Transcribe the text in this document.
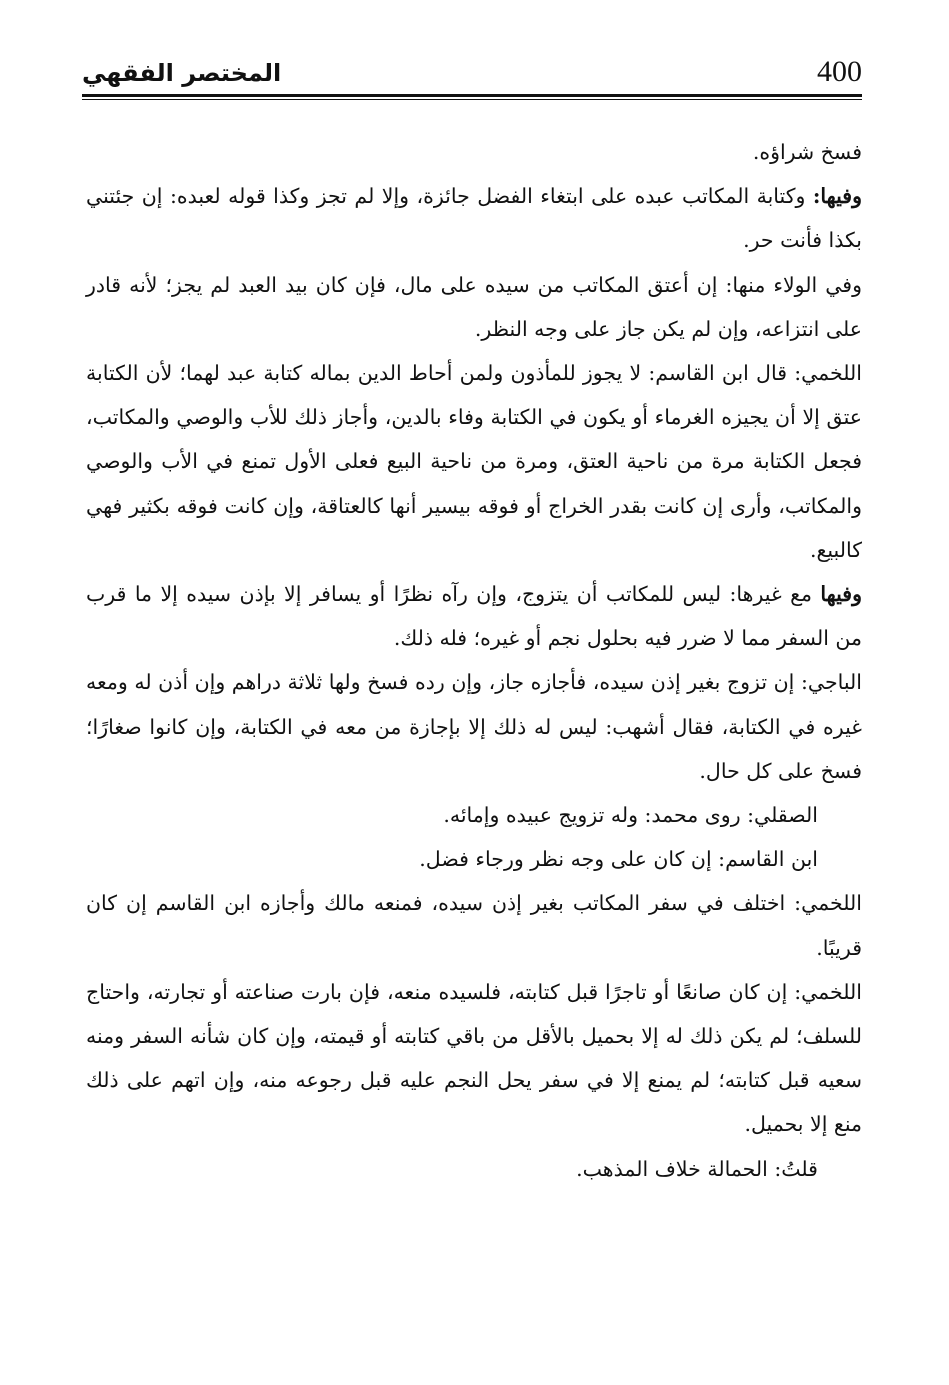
400
المختصر الفقهي

فسخ شراؤه.

وفيها: وكتابة المكاتب عبده على ابتغاء الفضل جائزة، وإلا لم تجز وكذا قوله لعبده: إن جئتني بكذا فأنت حر.

وفي الولاء منها: إن أعتق المكاتب من سيده على مال، فإن كان بيد العبد لم يجز؛ لأنه قادر على انتزاعه، وإن لم يكن جاز على وجه النظر.

اللخمي: قال ابن القاسم: لا يجوز للمأذون ولمن أحاط الدين بماله كتابة عبد لهما؛ لأن الكتابة عتق إلا أن يجيزه الغرماء أو يكون في الكتابة وفاء بالدين، وأجاز ذلك للأب والوصي والمكاتب، فجعل الكتابة مرة من ناحية العتق، ومرة من ناحية البيع فعلى الأول تمنع في الأب والوصي والمكاتب، وأرى إن كانت بقدر الخراج أو فوقه بيسير أنها كالعتاقة، وإن كانت فوقه بكثير فهي كالبيع.

وفيها مع غيرها: ليس للمكاتب أن يتزوج، وإن رآه نظرًا أو يسافر إلا بإذن سيده إلا ما قرب من السفر مما لا ضرر فيه بحلول نجم أو غيره؛ فله ذلك.

الباجي: إن تزوج بغير إذن سيده، فأجازه جاز، وإن رده فسخ ولها ثلاثة دراهم وإن أذن له ومعه غيره في الكتابة، فقال أشهب: ليس له ذلك إلا بإجازة من معه في الكتابة، وإن كانوا صغارًا؛ فسخ على كل حال.

الصقلي: روى محمد: وله تزويج عبيده وإمائه.

ابن القاسم: إن كان على وجه نظر ورجاء فضل.

اللخمي: اختلف في سفر المكاتب بغير إذن سيده، فمنعه مالك وأجازه ابن القاسم إن كان قريبًا.

اللخمي: إن كان صانعًا أو تاجرًا قبل كتابته، فلسيده منعه، فإن بارت صناعته أو تجارته، واحتاج للسلف؛ لم يكن ذلك له إلا بحميل بالأقل من باقي كتابته أو قيمته، وإن كان شأنه السفر ومنه سعيه قبل كتابته؛ لم يمنع إلا في سفر يحل النجم عليه قبل رجوعه منه، وإن اتهم على ذلك منع إلا بحميل.

قلتُ: الحمالة خلاف المذهب.
